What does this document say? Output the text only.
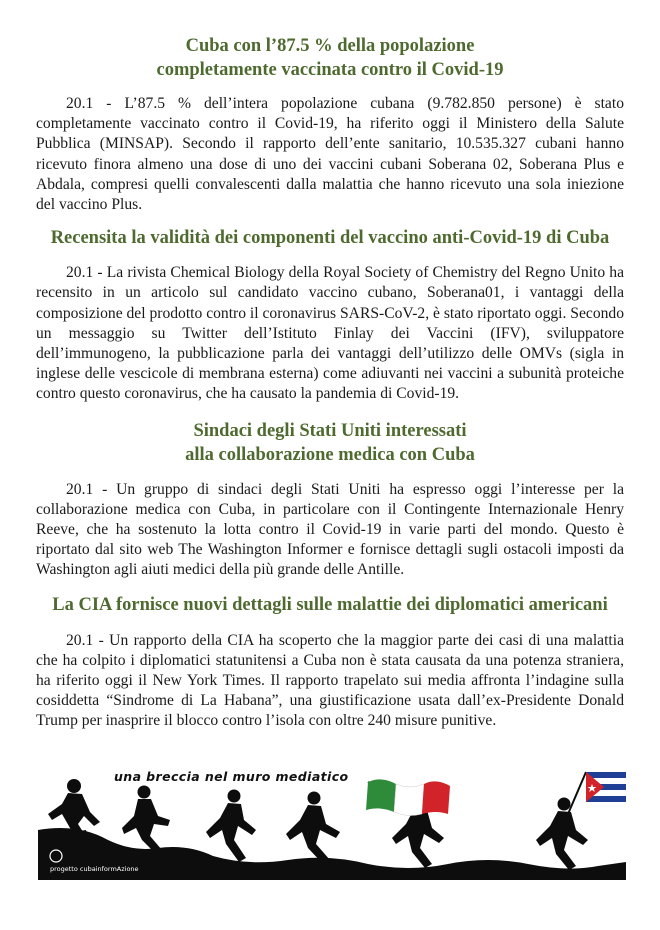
Cuba con l’87.5 % della popolazione
completamente vaccinata contro il Covid-19

20.1 - L’87.5 % dell’intera popolazione cubana (9.782.850 persone) è stato completamente vaccinato contro il Covid-19, ha riferito oggi il Ministero della Salute Pubblica (MINSAP). Secondo il rapporto dell’ente sanitario, 10.535.327 cubani hanno ricevuto finora almeno una dose di uno dei vaccini cubani Soberana 02, Soberana Plus e Abdala, compresi quelli convalescenti dalla malattia che hanno ricevuto una sola iniezione del vaccino Plus.

Recensita la validità dei componenti del vaccino anti-Covid-19 di Cuba

20.1 - La rivista Chemical Biology della Royal Society of Chemistry del Regno Unito ha recensito in un articolo sul candidato vaccino cubano, Soberana01, i vantaggi della composizione del prodotto contro il coronavirus SARS-CoV-2, è stato riportato oggi. Secondo un messaggio su Twitter dell’Istituto Finlay dei Vaccini (IFV), sviluppatore dell’immunogeno, la pubblicazione parla dei vantaggi dell’utilizzo delle OMVs (sigla in inglese delle vescicole di membrana esterna) come adiuvanti nei vaccini a subunità proteiche contro questo coronavirus, che ha causato la pandemia di Covid-19.

Sindaci degli Stati Uniti interessati
alla collaborazione medica con Cuba

20.1 - Un gruppo di sindaci degli Stati Uniti ha espresso oggi l’interesse per la collaborazione medica con Cuba, in particolare con il Contingente Internazionale Henry Reeve, che ha sostenuto la lotta contro il Covid-19 in varie parti del mondo. Questo è riportato dal sito web The Washington Informer e fornisce dettagli sugli ostacoli imposti da Washington agli aiuti medici della più grande delle Antille.

La CIA fornisce nuovi dettagli sulle malattie dei diplomatici americani

20.1 - Un rapporto della CIA ha scoperto che la maggior parte dei casi di una malattia che ha colpito i diplomatici statunitensi a Cuba non è stata causata da una potenza straniera, ha riferito oggi il New York Times. Il rapporto trapelato sui media affronta l’indagine sulla cosiddetta “Sindrome di La Habana”, una giustificazione usata dall’ex-Presidente Donald Trump per inasprire il blocco contro l’isola con oltre 240 misure punitive.

una breccia nel muro mediatico
progetto cubainformAzione
